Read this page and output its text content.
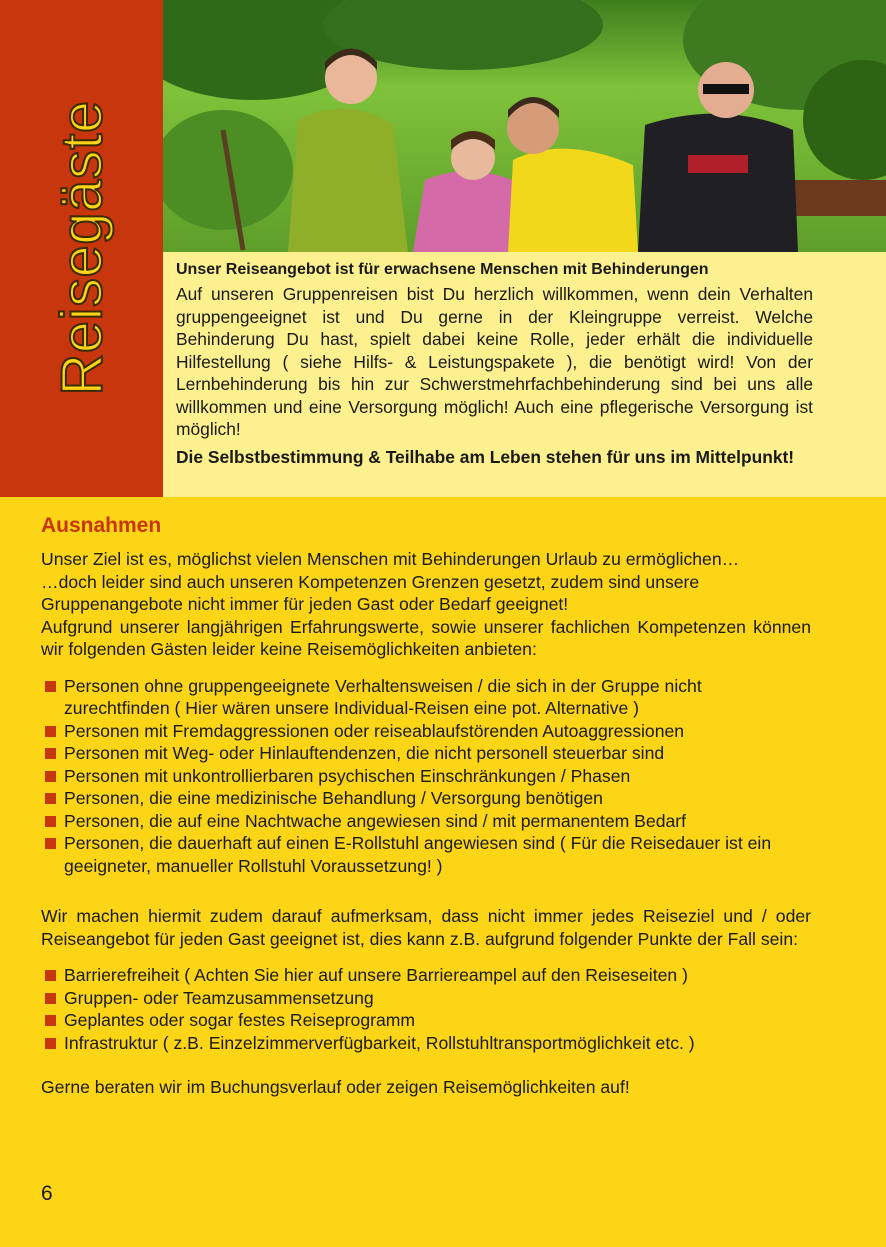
Reisegäste	Unser Reiseangebot ist für erwachsene Menschen mit Behinderungen

Auf unseren Gruppenreisen bist Du herzlich willkommen, wenn dein Verhalten gruppengeeignet ist und Du gerne in der Kleingruppe verreist. Welche Behinderung Du hast, spielt dabei keine Rolle, jeder erhält die individuelle Hilfestellung ( siehe Hilfs- & Leistungspakete ), die benötigt wird! Von der Lernbehinderung bis hin zur Schwerstmehrfachbehinderung sind bei uns alle willkommen und eine Versorgung möglich! Auch eine pflegerische Versorgung ist möglich!

Die Selbstbestimmung & Teilhabe am Leben stehen für uns im Mittelpunkt!

Ausnahmen

Unser Ziel ist es, möglichst vielen Menschen mit Behinderungen Urlaub zu ermöglichen…

…doch leider sind auch unseren Kompetenzen Grenzen gesetzt, zudem sind unsere Gruppenangebote nicht immer für jeden Gast oder Bedarf geeignet!

Aufgrund unserer langjährigen Erfahrungswerte, sowie unserer fachlichen Kompetenzen können wir folgenden Gästen leider keine Reisemöglichkeiten anbieten:

Personen ohne gruppengeeignete Verhaltensweisen / die sich in der Gruppe nicht zurechtfinden ( Hier wären unsere Individual-Reisen eine pot. Alternative )
Personen mit Fremdaggressionen oder reiseablaufstörenden Autoaggressionen
Personen mit Weg- oder Hinlauftendenzen, die nicht personell steuerbar sind
Personen mit unkontrollierbaren psychischen Einschränkungen / Phasen
Personen, die eine medizinische Behandlung / Versorgung benötigen
Personen, die auf eine Nachtwache angewiesen sind / mit permanentem Bedarf
Personen, die dauerhaft auf einen E-Rollstuhl angewiesen sind ( Für die Reisedauer ist ein geeigneter, manueller Rollstuhl Voraussetzung! )

Wir machen hiermit zudem darauf aufmerksam, dass nicht immer jedes Reiseziel und / oder Reiseangebot für jeden Gast geeignet ist, dies kann z.B. aufgrund folgender Punkte der Fall sein:

Barrierefreiheit ( Achten Sie hier auf unsere Barriereampel auf den Reiseseiten )
Gruppen- oder Teamzusammensetzung
Geplantes oder sogar festes Reiseprogramm
Infrastruktur ( z.B. Einzelzimmerverfügbarkeit, Rollstuhltransportmöglichkeit etc. )

Gerne beraten wir im Buchungsverlauf oder zeigen Reisemöglichkeiten auf!

6
